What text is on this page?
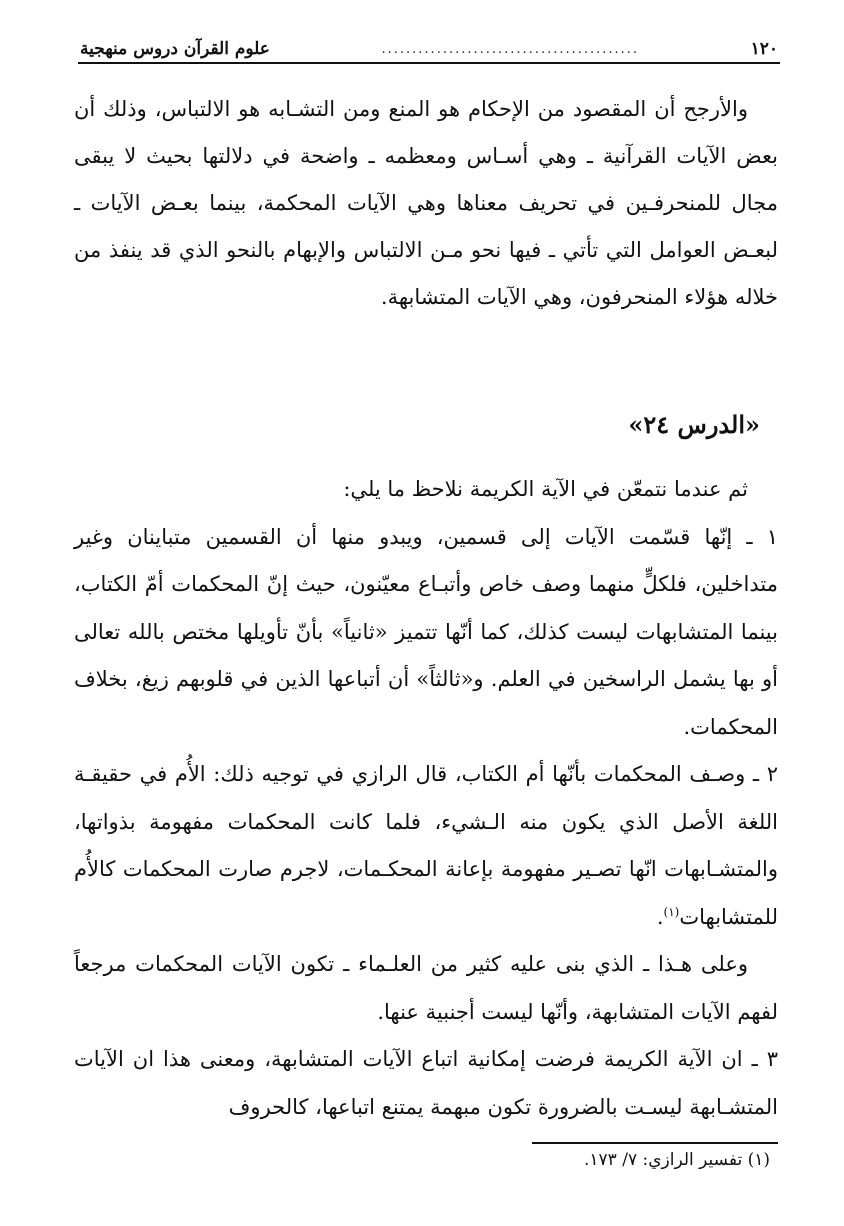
١٢٠
..........................................
علوم القرآن دروس منهجية

والأرجح أن المقصود من الإحكام هو المنع ومن التشـابه هو الالتباس، وذلك أن بعض الآيات القرآنية ـ وهي أسـاس ومعظمه ـ واضحة في دلالتها بحيث لا يبقى مجال للمنحرفـين في تحريف معناها وهي الآيات المحكمة، بينما بعـض الآيات ـ لبعـض العوامل التي تأتي ـ فيها نحو مـن الالتباس والإبهام بالنحو الذي قد ينفذ من خلاله هؤلاء المنحرفون، وهي الآيات المتشابهة.

«الدرس ٢٤»

ثم عندما نتمعّن في الآية الكريمة نلاحظ ما يلي:

١ ـ إنّها قسّمت الآيات إلى قسمين، ويبدو منها أن القسمين متباينان وغير متداخلين، فلكلٍّ منهما وصف خاص وأتبـاع معيّنون، حيث إنّ المحكمات أمّ الكتاب، بينما المتشابهات ليست كذلك، كما أنّها تتميز «ثانياً» بأنّ تأويلها مختص بالله تعالى أو بها يشمل الراسخين في العلم. و«ثالثاً» أن أتباعها الذين في قلوبهم زيغ، بخلاف المحكمات.

٢ ـ وصـف المحكمات بأنّها أم الكتاب، قال الرازي في توجيه ذلك: الأُم في حقيقـة اللغة الأصل الذي يكون منه الـشيء، فلما كانت المحكمات مفهومة بذواتها، والمتشـابهات انّها تصـير مفهومة بإعانة المحكـمات، لاجرم صارت المحكمات كالأُم للمتشابهات$^{(١)}$.

وعلى هـذا ـ الذي بنى عليه كثير من العلـماء ـ تكون الآيات المحكمات مرجعاً لفهم الآيات المتشابهة، وأنّها ليست أجنبية عنها.

٣ ـ ان الآية الكريمة فرضت إمكانية اتباع الآيات المتشابهة، ومعنى هذا ان الآيات المتشـابهة ليسـت بالضرورة تكون مبهمة يمتنع اتباعها، كالحروف

(١) تفسير الرازي: ٧/ ١٧٣.
